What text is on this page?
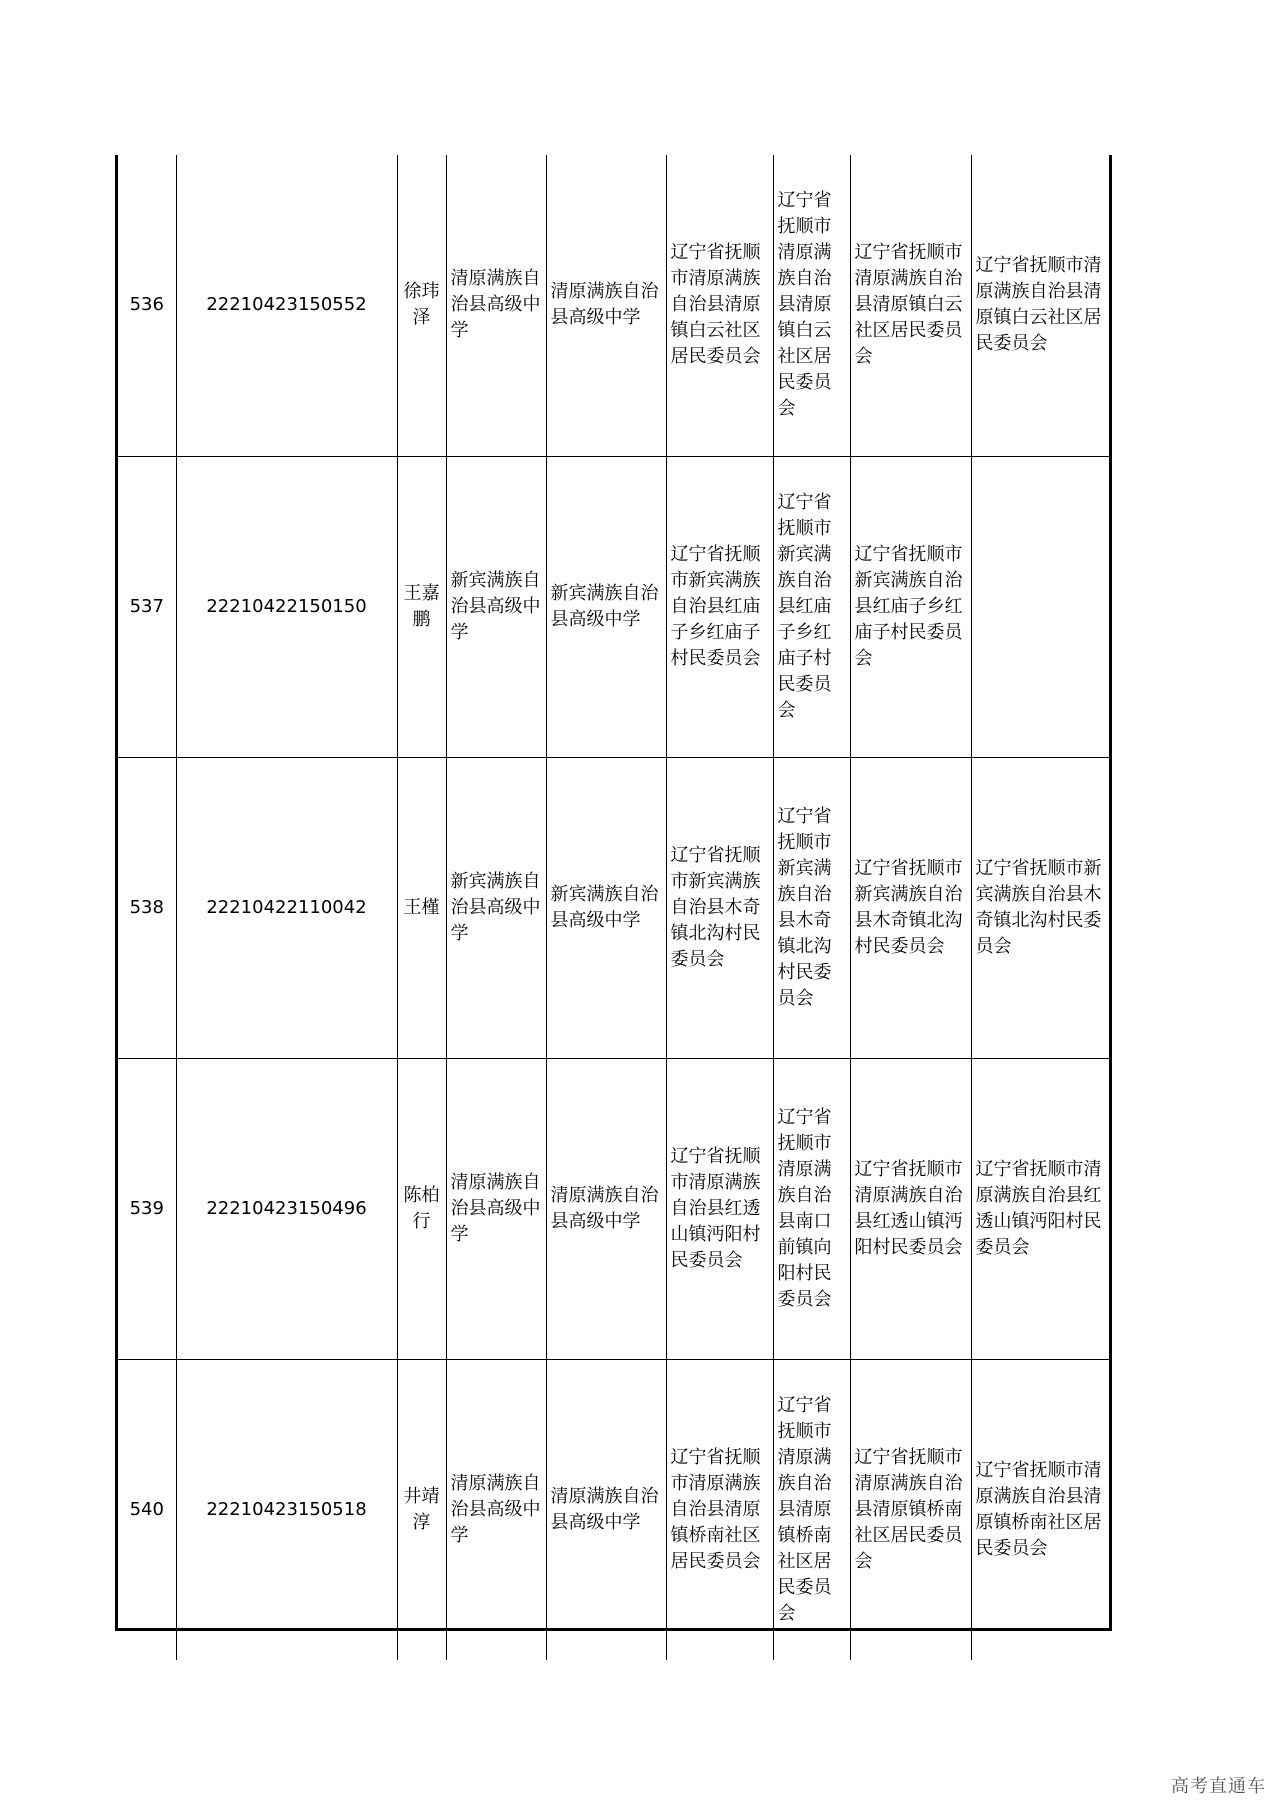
536	22210423150552	徐玮泽	清原满族自治县高级中学	清原满族自治县高级中学	辽宁省抚顺市清原满族自治县清原镇白云社区居民委员会	辽宁省抚顺市清原满族自治县清原镇白云社区居民委员会	辽宁省抚顺市清原满族自治县清原镇白云社区居民委员会	辽宁省抚顺市清原满族自治县清原镇白云社区居民委员会
537	22210422150150	王嘉鹏	新宾满族自治县高级中学	新宾满族自治县高级中学	辽宁省抚顺市新宾满族自治县红庙子乡红庙子村民委员会	辽宁省抚顺市新宾满族自治县红庙子乡红庙子村民委员会	辽宁省抚顺市新宾满族自治县红庙子乡红庙子村民委员会	
538	22210422110042	王槿	新宾满族自治县高级中学	新宾满族自治县高级中学	辽宁省抚顺市新宾满族自治县木奇镇北沟村民委员会	辽宁省抚顺市新宾满族自治县木奇镇北沟村民委员会	辽宁省抚顺市新宾满族自治县木奇镇北沟村民委员会	辽宁省抚顺市新宾满族自治县木奇镇北沟村民委员会
539	22210423150496	陈柏行	清原满族自治县高级中学	清原满族自治县高级中学	辽宁省抚顺市清原满族自治县红透山镇沔阳村民委员会	辽宁省抚顺市清原满族自治县南口前镇向阳村民委员会	辽宁省抚顺市清原满族自治县红透山镇沔阳村民委员会	辽宁省抚顺市清原满族自治县红透山镇沔阳村民委员会
540	22210423150518	井靖淳	清原满族自治县高级中学	清原满族自治县高级中学	辽宁省抚顺市清原满族自治县清原镇桥南社区居民委员会	辽宁省抚顺市清原满族自治县清原镇桥南社区居民委员会	辽宁省抚顺市清原满族自治县清原镇桥南社区居民委员会	辽宁省抚顺市清原满族自治县清原镇桥南社区居民委员会
高考直通车
